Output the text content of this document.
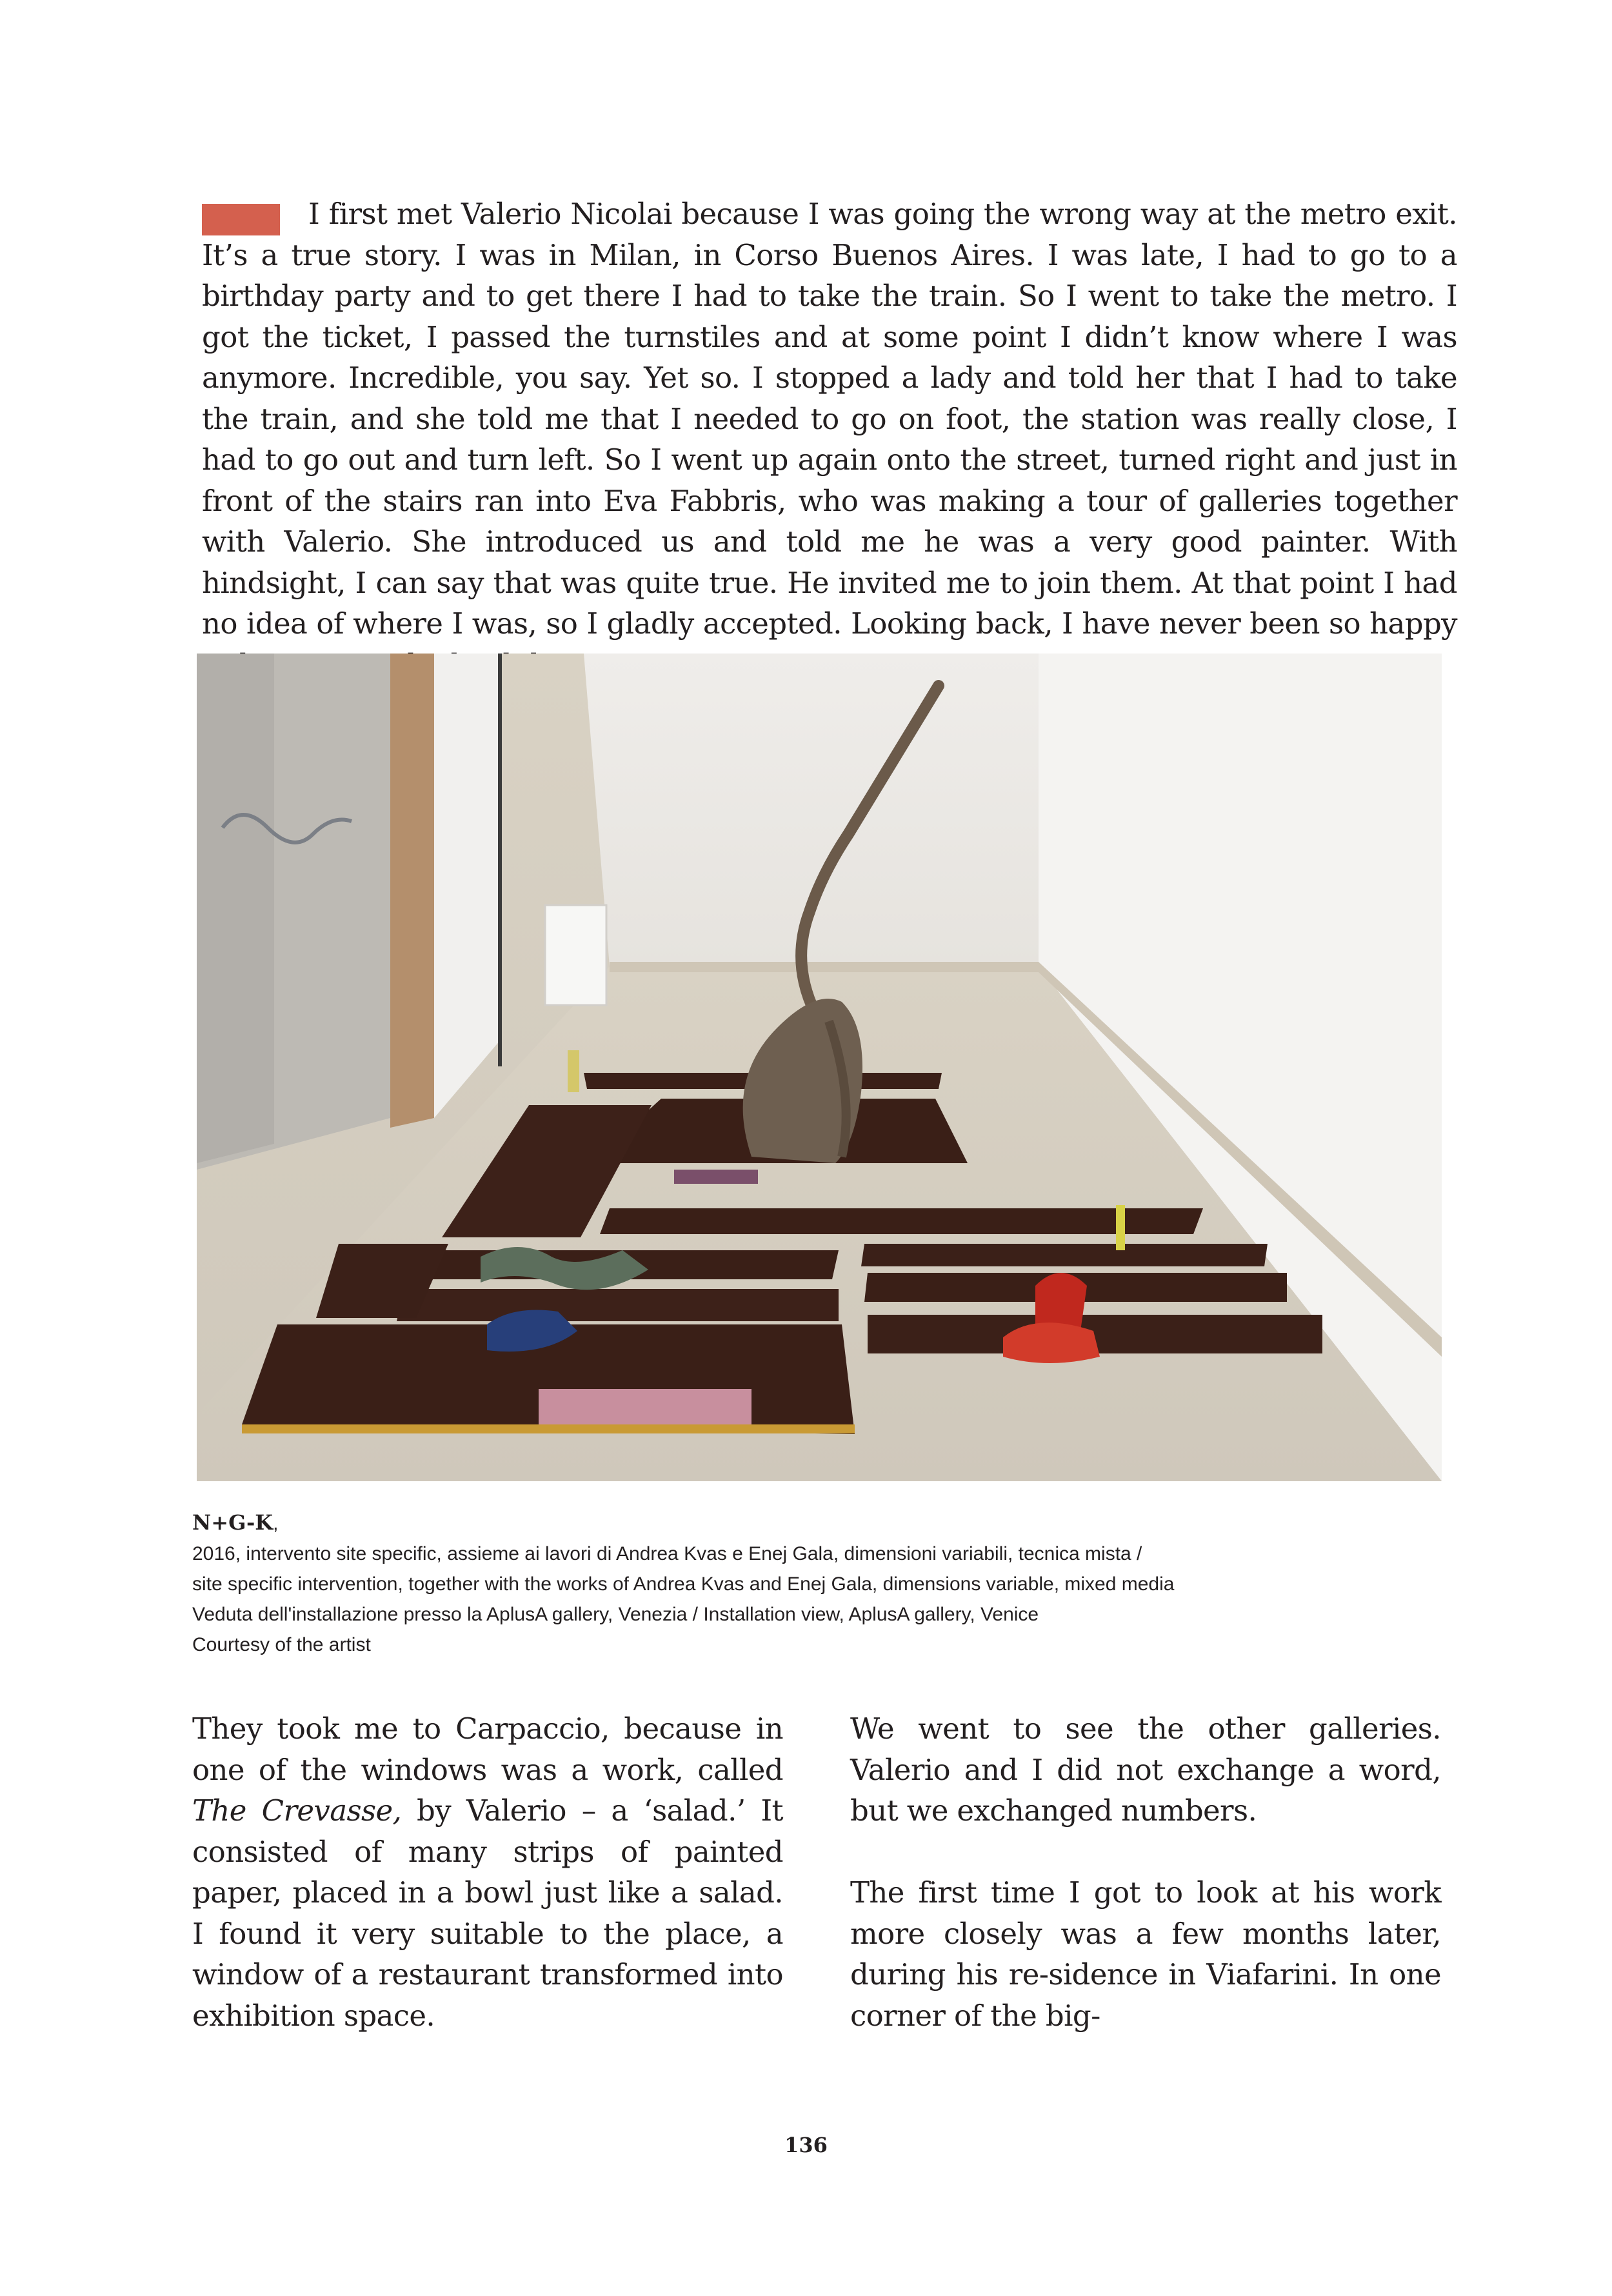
I first met Valerio Nicolai because I was going the wrong way at the metro exit. It’s a true story. I was in Milan, in Corso Buenos Aires. I was late, I had to go to a birthday party and to get there I had to take the train. So I went to take the metro. I got the ticket, I passed the turnstiles and at some point I didn’t know where I was anymore. Incredible, you say. Yet so. I stopped a lady and told her that I had to take the train, and she told me that I needed to go on foot, the station was really close, I had to go out and turn left. So I went up again onto the street, turned right and just in front of the stairs ran into Eva Fabbris, who was making a tour of galleries together with Valerio. She introduced us and told me he was a very good painter. With hindsight, I can say that was quite true. He invited me to join them. At that point I had no idea of where I was, so I gladly accepted. Looking back, I have never been so happy

N+G-K,
2016, intervento site specific, assieme ai lavori di Andrea Kvas e Enej Gala, dimensioni variabili, tecnica mista /
site specific intervention, together with the works of Andrea Kvas and Enej Gala, dimensions variable, mixed media
Veduta dell'installazione presso la AplusA gallery, Venezia / Installation view, AplusA gallery, Venice
Courtesy of the artist

They took me to Carpaccio, because in one of the windows was a work, called The Crevasse, by Valerio – a ‘salad.’ It consisted of many strips of painted paper, placed in a bowl just like a salad. I found it very suitable to the place, a window of a restaurant transformed into exhibition space.

We went to see the other galleries. Valerio and I did not exchange a word, but we exchanged numbers.

The first time I got to look at his work more closely was a few months later, during his re-sidence in Viafarini. In one corner of the big-

136
